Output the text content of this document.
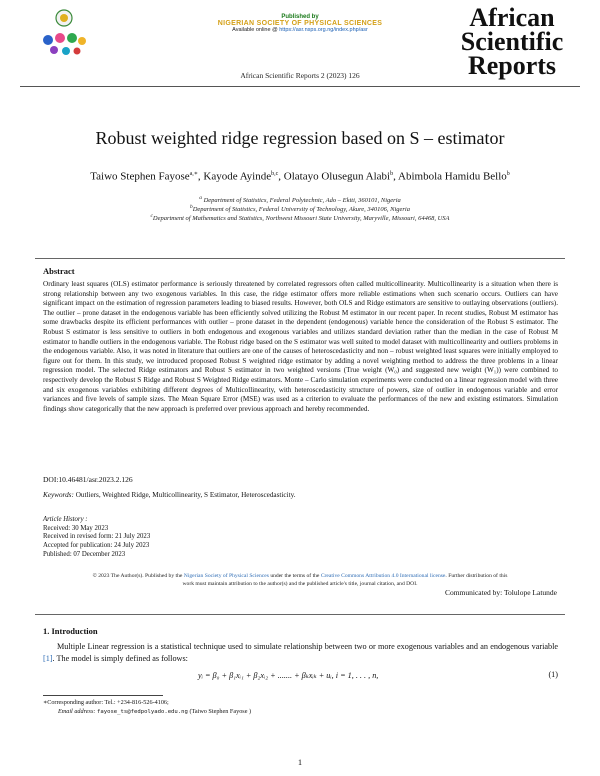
Published by
NIGERIAN SOCIETY OF PHYSICAL SCIENCES
Available online @ https://asr.nsps.org.ng/index.php/asr
African Scientific Reports 2 (2023) 126
African
Scientific
Reports
Robust weighted ridge regression based on S – estimator
Taiwo Stephen Fayose$^{a,∗}$, Kayode Ayinde$^{b,c}$, Olatayo Olusegun Alabi$^b$, Abimbola Hamidu Bello$^b$
$^a$ Department of Statistics, Federal Polytechnic, Ado – Ekiti, 360101, Nigeria
$^b$Department of Statistics, Federal University of Technology, Akure, 340106, Nigeria
$^c$Department of Mathematics and Statistics, Northwest Missouri State University, Maryville, Missouri, 64468, USA
Abstract
Ordinary least squares (OLS) estimator performance is seriously threatened by correlated regressors often called multicollinearity. Multicollinearity is a situation when there is strong relationship between any two exogenous variables. In this case, the ridge estimator offers more reliable estimations when such scenario occurs. Outliers can have significant impact on the estimation of regression parameters leading to biased results. However, both OLS and Ridge estimators are sensitive to outlaying observations (outliers). The outlier – prone dataset in the endogenous variable has been efficiently solved utilizing the Robust M estimator in our recent paper. In recent studies, Robust M estimator has some drawbacks despite its efficient performances with outlier – prone dataset in the dependent (endogenous) variable hence the consideration of the Robust S estimator. The Robust S estimator is less sensitive to outliers in both endogenous and exogenous variables and utilizes standard deviation rather than the median in the case of Robust M estimator to handle outliers in the endogenous variable. The Robust ridge based on the S estimator was well suited to model dataset with multicollinearity and outliers problems in the endogenous variable. Also, it was noted in literature that outliers are one of the causes of heteroscedasticity and non – robust weighted least squares were initially employed to figure out for them. In this study, we introduced proposed Robust S weighted ridge estimator by adding a novel weighting method to address the three problems in a linear regression model. The selected Ridge estimators and Robust S estimator in two weighted versions (True weight (W₀) and suggested new weight (W₁)) were combined to respectively develop the Robust S Ridge and Robust S Weighted Ridge estimators. Monte – Carlo simulation experiments were conducted on a linear regression model with three and six exogenous variables exhibiting different degrees of Multicollinearity, with heteroscedasticity structure of powers, size of outlier in endogenous variable and error variances and five levels of sample sizes. The Mean Square Error (MSE) was used as a criterion to evaluate the performances of the new and existing estimators. Simulation findings show categorically that the new approach is preferred over previous approach and hereby recommended.
DOI:10.46481/asr.2023.2.126
Keywords: Outliers, Weighted Ridge, Multicollinearity, S Estimator, Heteroscedasticity.
Article History :
Received: 30 May 2023
Received in revised form: 21 July 2023
Accepted for publication: 24 July 2023
Published: 07 December 2023
© 2023 The Author(s). Published by the Nigerian Society of Physical Sciences under the terms of the Creative Commons Attribution 4.0 International license. Further distribution of this
work must maintain attribution to the author(s) and the published article's title, journal citation, and DOI.
Communicated by: Tolulope Latunde
1. Introduction
Multiple Linear regression is a statistical technique used to simulate relationship between two or more exogenous variables and an endogenous variable [1]. The model is simply defined as follows:
yᵢ = β₀ + β₁xᵢ₁ + β₂xᵢ₂ + ....... + βₖxᵢₖ + uᵢ, i = 1, . . . , n,	(1)
∗Corresponding author: Tel.: +234-816-526-4106;
Email address: fayose_ts@fedpolyado.edu.ng (Taiwo Stephen Fayose )
1
